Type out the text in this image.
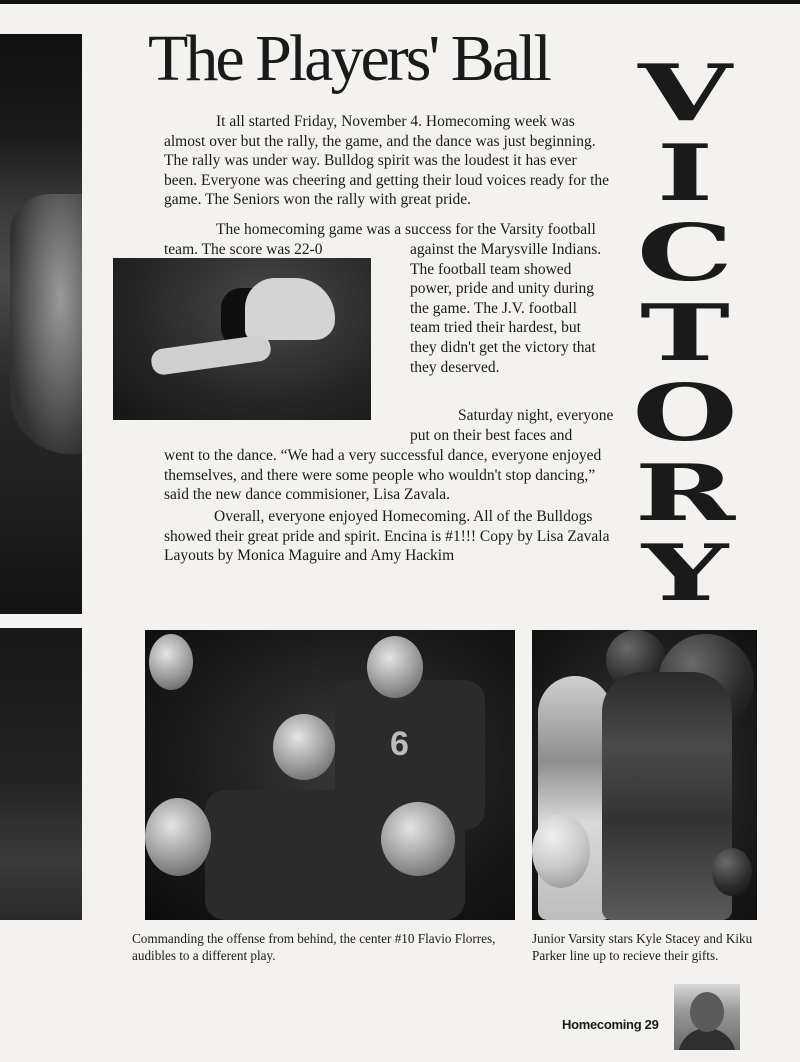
The Players' Ball

It all started Friday, November 4. Homecoming week was almost over but the rally, the game, and the dance was just beginning. The rally was under way. Bulldog spirit was the loudest it has ever been. Everyone was cheering and getting their loud voices ready for the game. The Seniors won the rally with great pride.

The homecoming game was a success for the Varsity football team. The score was 22-0	against the Marysville Indians. The football team showed power, pride and unity during the game. The J.V. football team tried their hardest, but they didn't get the victory that they deserved.

Saturday night, everyone put on their best faces and

went to the dance. “We had a very successful dance, everyone enjoyed themselves, and there were some people who wouldn't stop dancing,” said the new dance commisioner, Lisa Zavala.

Overall, everyone enjoyed Homecoming. All of the Bulldogs showed their great pride and spirit. Encina is #1!!! Copy by Lisa Zavala Layouts by Monica Maguire and Amy Hackim

V
I
C
T
O
R
Y
6

Commanding the offense from behind, the center #10 Flavio Florres, audibles to a different play.

Junior Varsity stars Kyle Stacey and Kiku Parker line up to recieve their gifts.

Homecoming 29
